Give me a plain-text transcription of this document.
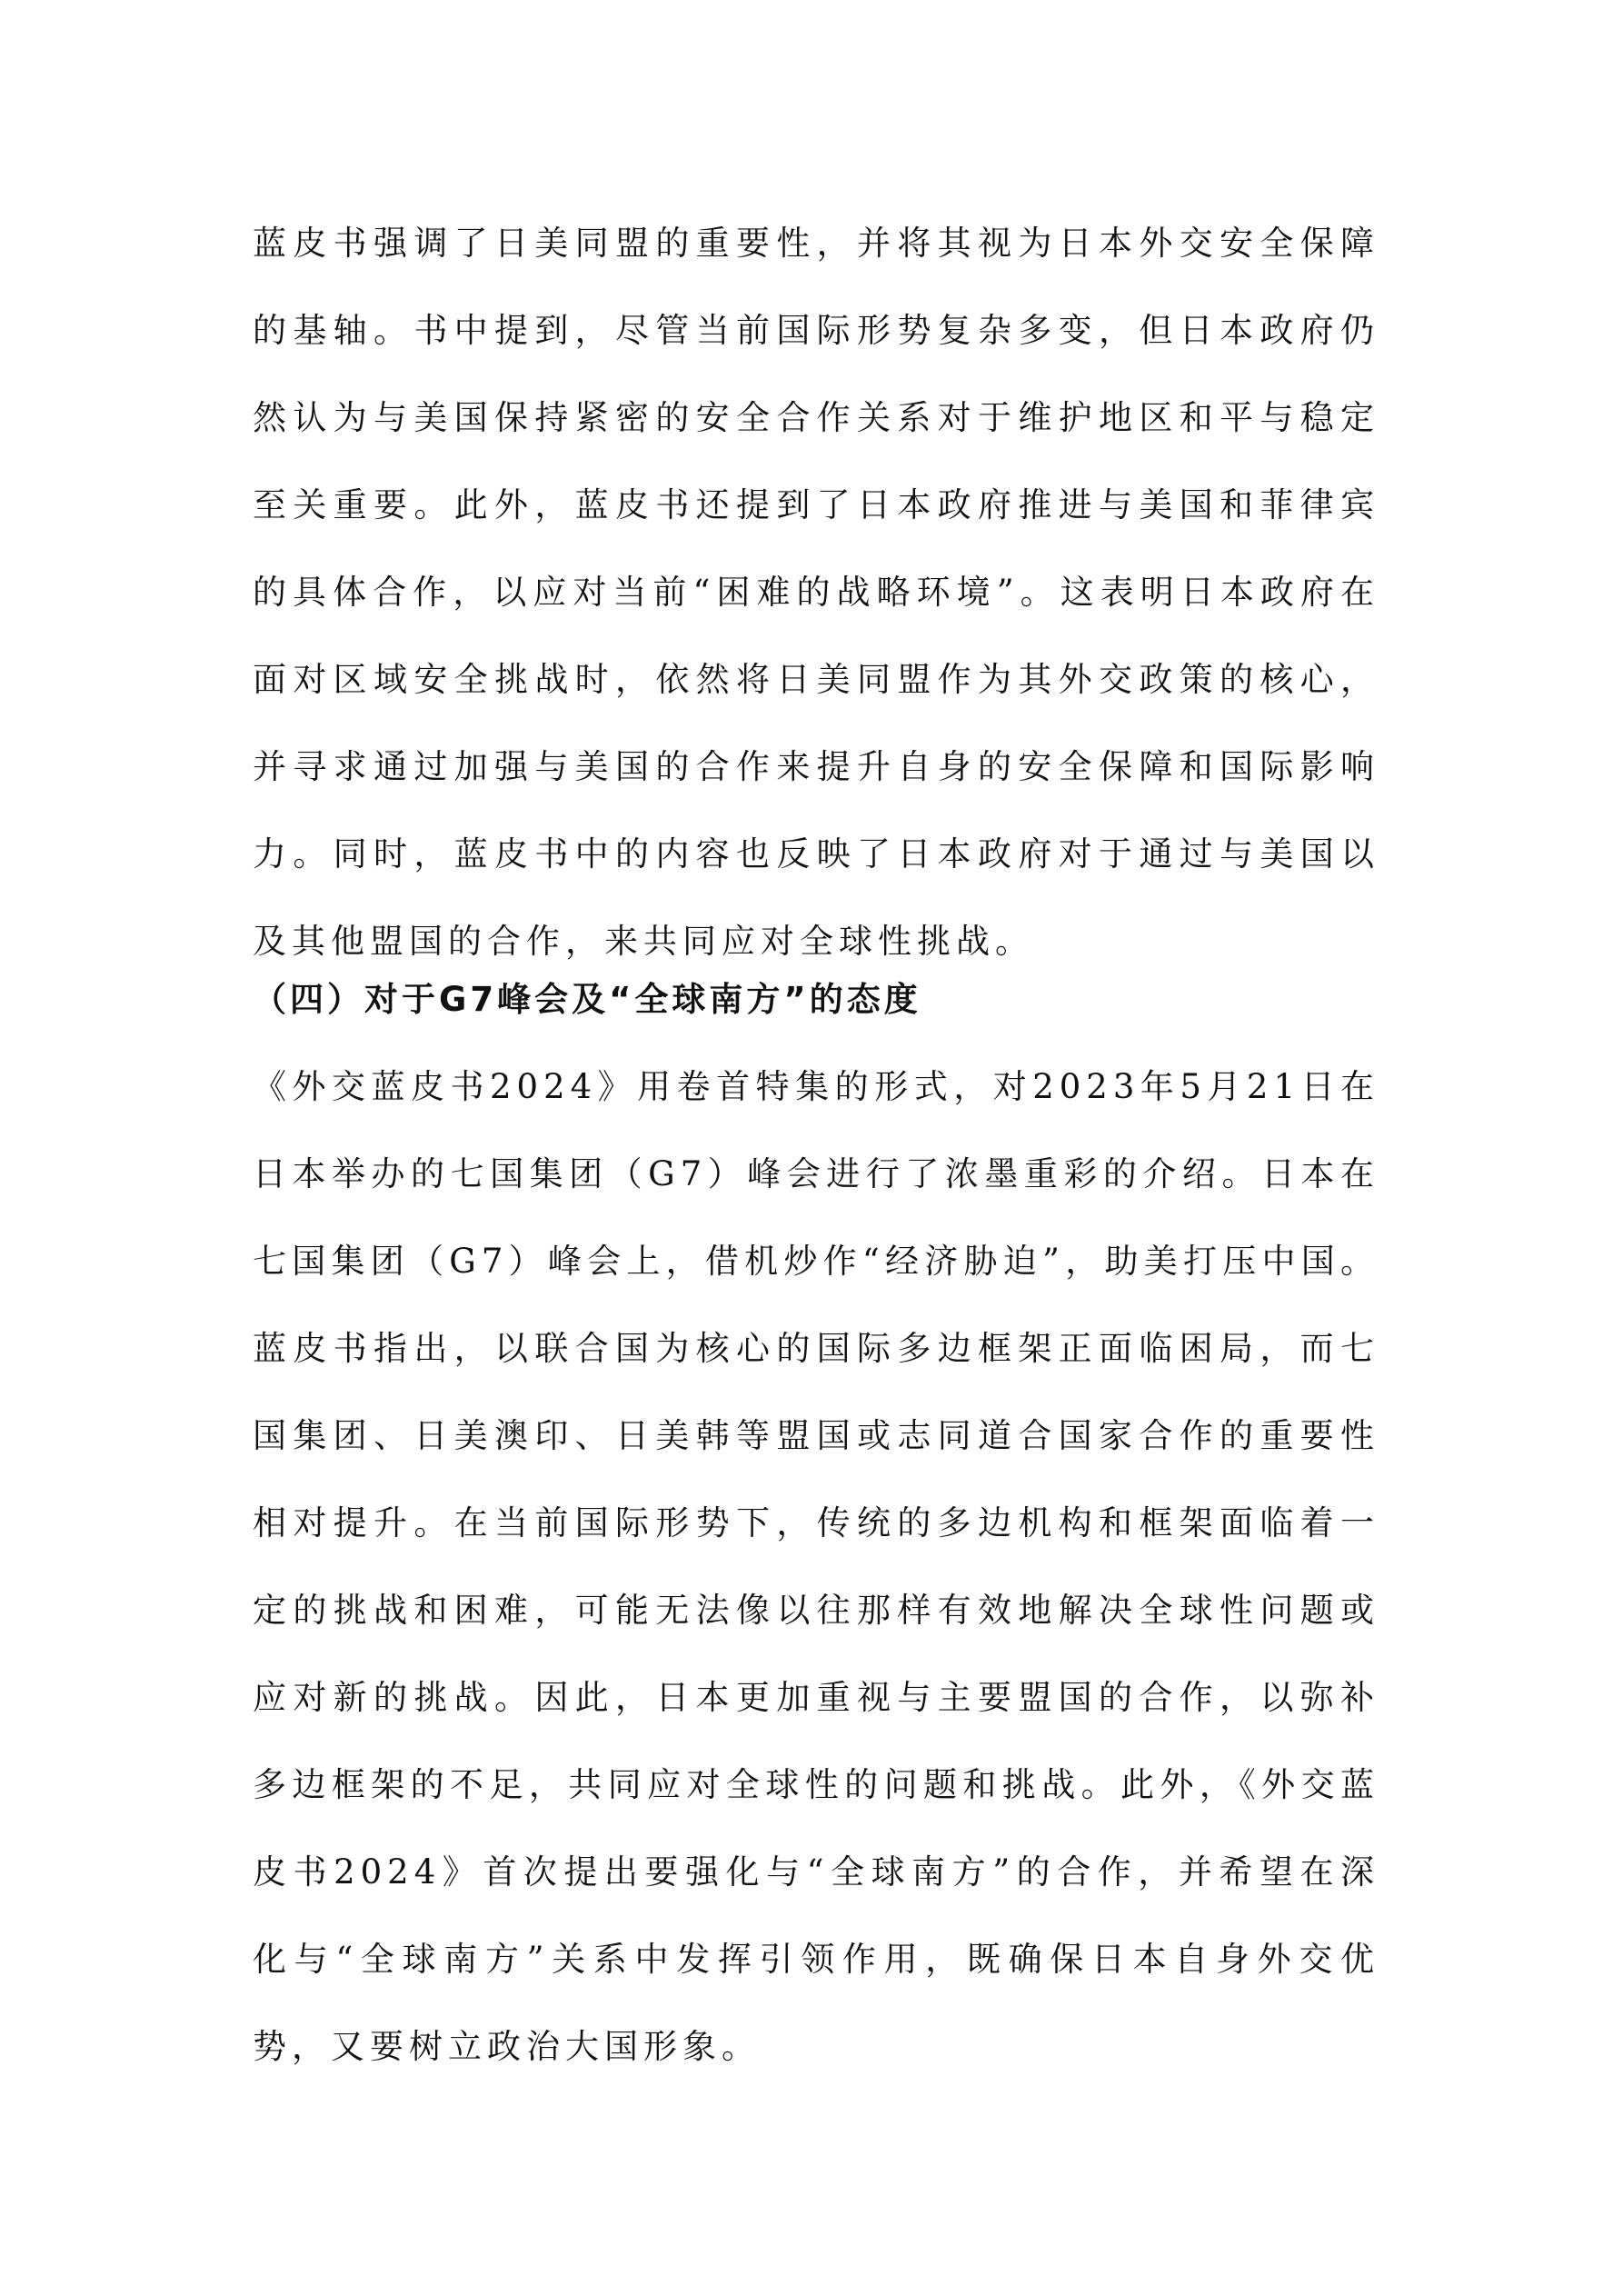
蓝皮书强调了日美同盟的重要性，并将其视为日本外交安全保障的基轴。书中提到，尽管当前国际形势复杂多变，但日本政府仍然认为与美国保持紧密的安全合作关系对于维护地区和平与稳定至关重要。此外，蓝皮书还提到了日本政府推进与美国和菲律宾的具体合作，以应对当前“困难的战略环境”。这表明日本政府在面对区域安全挑战时，依然将日美同盟作为其外交政策的核心，并寻求通过加强与美国的合作来提升自身的安全保障和国际影响力。同时，蓝皮书中的内容也反映了日本政府对于通过与美国以及其他盟国的合作，来共同应对全球性挑战。

（四）对于G7峰会及“全球南方”的态度

《外交蓝皮书2024》用卷首特集的形式，对2023年5月21日在日本举办的七国集团（G7）峰会进行了浓墨重彩的介绍。日本在七国集团（G7）峰会上，借机炒作“经济胁迫”，助美打压中国。蓝皮书指出，以联合国为核心的国际多边框架正面临困局，而七国集团、日美澳印、日美韩等盟国或志同道合国家合作的重要性相对提升。在当前国际形势下，传统的多边机构和框架面临着一定的挑战和困难，可能无法像以往那样有效地解决全球性问题或应对新的挑战。因此，日本更加重视与主要盟国的合作，以弥补多边框架的不足，共同应对全球性的问题和挑战。此外，《外交蓝皮书2024》首次提出要强化与“全球南方”的合作，并希望在深化与“全球南方”关系中发挥引领作用，既确保日本自身外交优势，又要树立政治大国形象。
